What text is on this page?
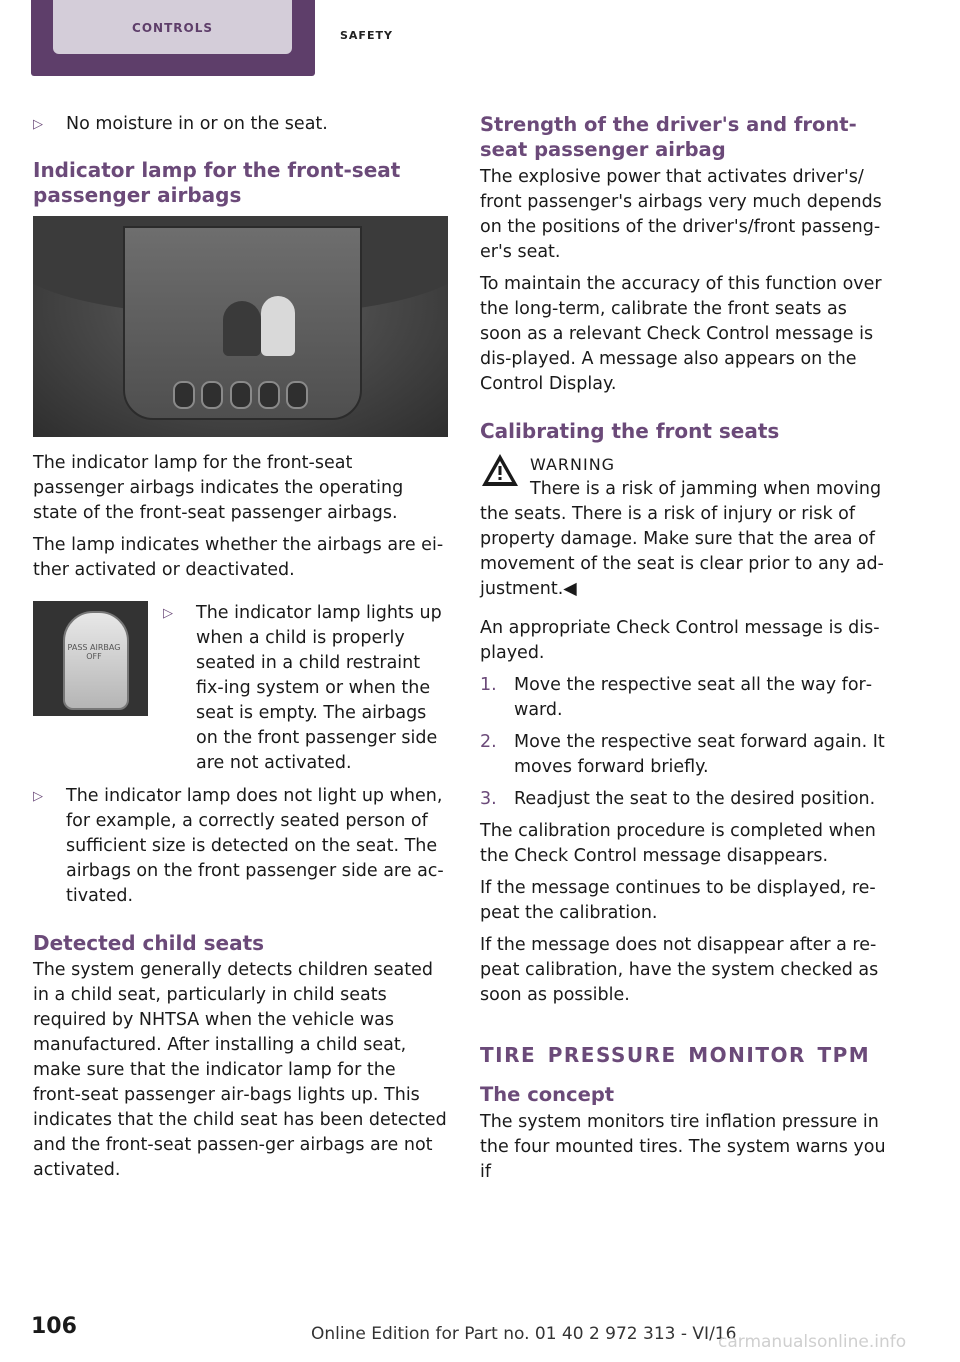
controls	safety
▷	No moisture in or on the seat.
Indicator lamp for the front-seat passenger airbags

The indicator lamp for the front-seat passenger airbags indicates the operating state of the front-seat passenger airbags.

The lamp indicates whether the airbags are ei‐ther activated or deactivated.

PASS AIRBAG OFF
▷	The indicator lamp lights up when a child is properly seated in a child restraint fix‐ing system or when the seat is empty. The airbags on the front passenger side are not activated.
▷	The indicator lamp does not light up when, for example, a correctly seated person of sufficient size is detected on the seat. The airbags on the front passenger side are ac‐tivated.
Detected child seats

The system generally detects children seated in a child seat, particularly in child seats required by NHTSA when the vehicle was manufactured. After installing a child seat, make sure that the indicator lamp for the front-seat passenger air‐bags lights up. This indicates that the child seat has been detected and the front-seat passen‐ger airbags are not activated.

Strength of the driver's and front-seat passenger airbag

The explosive power that activates driver's/ front passenger's airbags very much depends on the positions of the driver's/front passeng‐er's seat.

To maintain the accuracy of this function over the long-term, calibrate the front seats as soon as a relevant Check Control message is dis‐played. A message also appears on the Control Display.

Calibrating the front seats
WARNING
There is a risk of jamming when moving

the seats. There is a risk of injury or risk of property damage. Make sure that the area of movement of the seat is clear prior to any ad‐justment.◀

An appropriate Check Control message is dis‐played.

1. Move the respective seat all the way for‐ward.
2. Move the respective seat forward again. It moves forward briefly.
3. Readjust the seat to the desired position.

The calibration procedure is completed when the Check Control message disappears.

If the message continues to be displayed, re‐peat the calibration.

If the message does not disappear after a re‐peat calibration, have the system checked as soon as possible.

tire pressure monitor tpm
The concept

The system monitors tire inflation pressure in the four mounted tires. The system warns you if

106	Online Edition for Part no. 01 40 2 972 313 - VI/16
carmanualsonline.info
